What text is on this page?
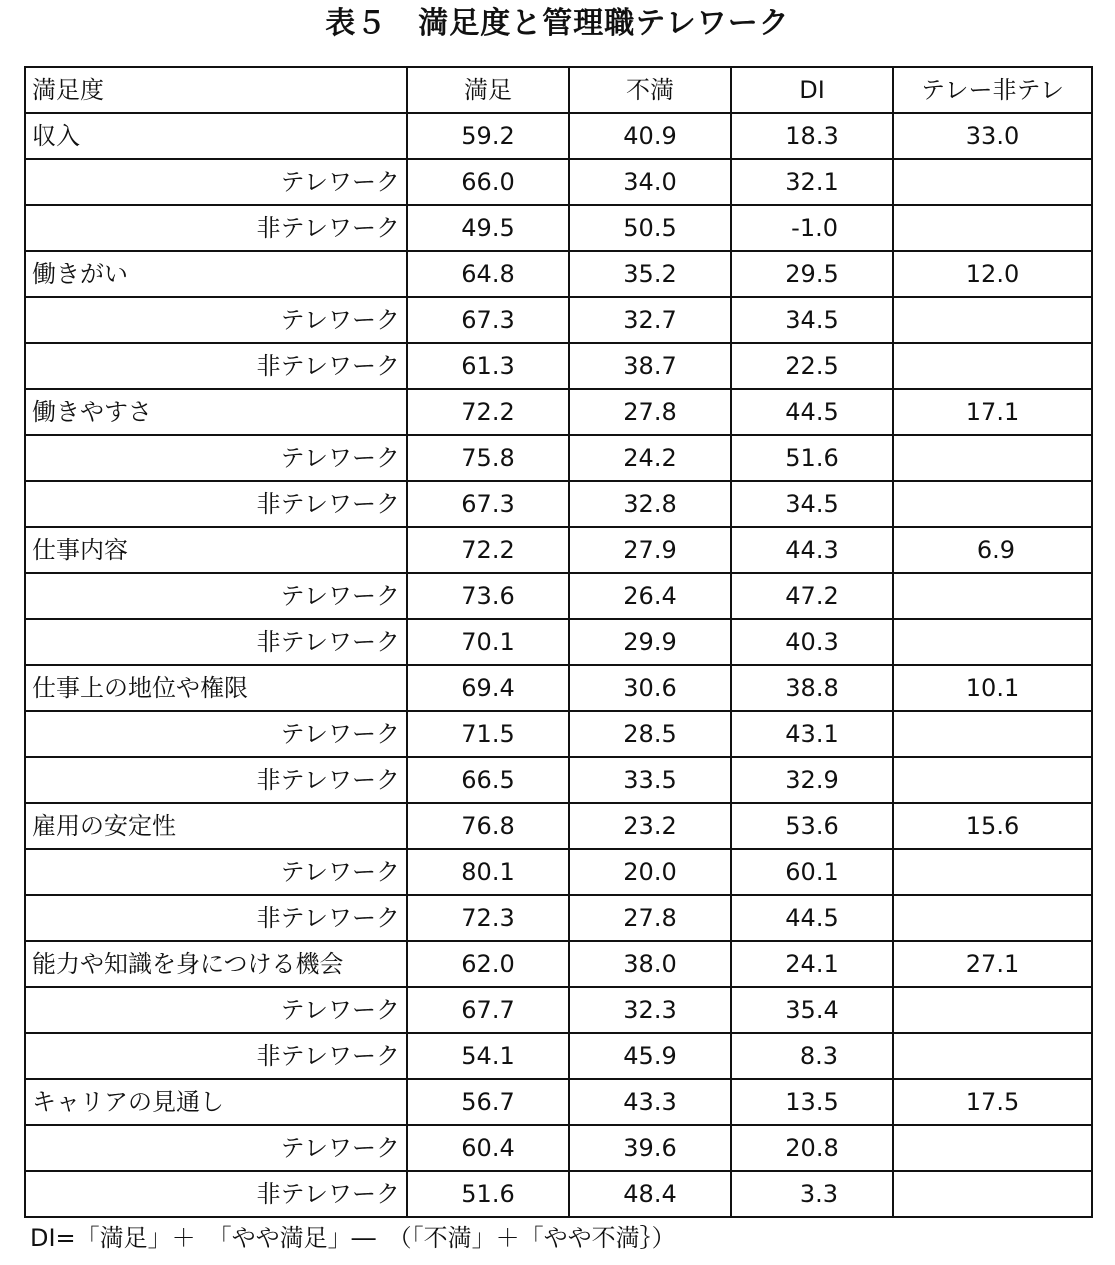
表５　満足度と管理職テレワーク
満足度	満足	不満	DI	テレー非テレ
収入	59.2	40.9	18.3	33.0
テレワーク	66.0	34.0	32.1	
非テレワーク	49.5	50.5	-1.0	
働きがい	64.8	35.2	29.5	12.0
テレワーク	67.3	32.7	34.5	
非テレワーク	61.3	38.7	22.5	
働きやすさ	72.2	27.8	44.5	17.1
テレワーク	75.8	24.2	51.6	
非テレワーク	67.3	32.8	34.5	
仕事内容	72.2	27.9	44.3	6.9
テレワーク	73.6	26.4	47.2	
非テレワーク	70.1	29.9	40.3	
仕事上の地位や権限	69.4	30.6	38.8	10.1
テレワーク	71.5	28.5	43.1	
非テレワーク	66.5	33.5	32.9	
雇用の安定性	76.8	23.2	53.6	15.6
テレワーク	80.1	20.0	60.1	
非テレワーク	72.3	27.8	44.5	
能力や知識を身につける機会	62.0	38.0	24.1	27.1
テレワーク	67.7	32.3	35.4	
非テレワーク	54.1	45.9	8.3	
キャリアの見通し	56.7	43.3	13.5	17.5
テレワーク	60.4	39.6	20.8	
非テレワーク	51.6	48.4	3.3	
DI=「満足」＋　「やや満足」―　（「不満」＋「やや不満｝）
